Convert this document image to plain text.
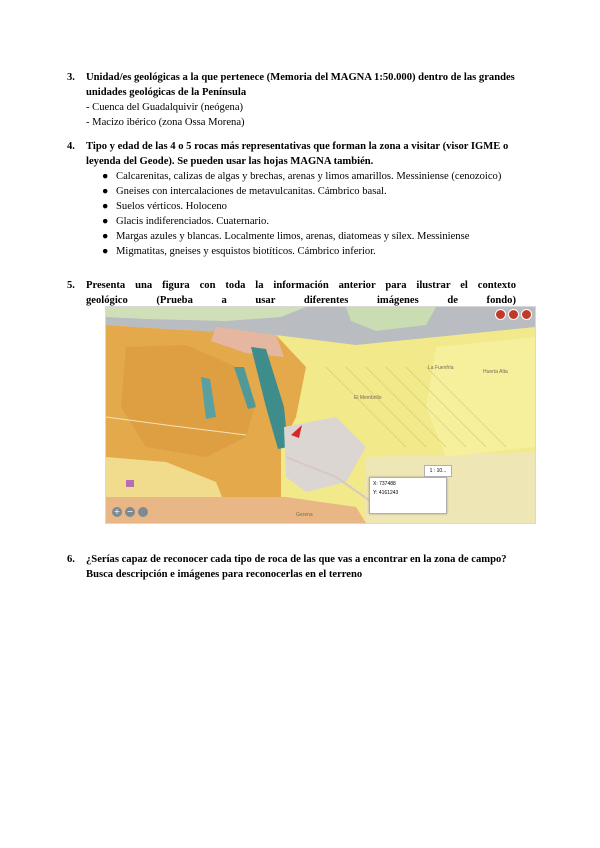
3. Unidad/es geológicas a la que pertenece (Memoria del MAGNA 1:50.000) dentro de las grandes unidades geológicas de la Península
- Cuenca del Guadalquivir (neógena)
- Macizo ibérico (zona Ossa Morena)
4. Tipo y edad de las 4 o 5 rocas más representativas que forman la zona a visitar (visor IGME o leyenda del Geode). Se pueden usar las hojas MAGNA también.
● Calcarenitas, calizas de algas y brechas, arenas y limos amarillos. Messiniense (cenozoico)
● Gneises con intercalaciones de metavulcanitas. Cámbrico basal.
● Suelos vérticos. Holoceno
● Glacis indiferenciados. Cuaternario.
● Margas azules y blancas. Localmente limos, arenas, diatomeas y sílex. Messiniense
● Migmatitas, gneises y esquistos biotíticos. Cámbrico inferior.
5. Presenta una figura con toda la información anterior para ilustrar el contexto
geológico (Prueba a usar diferentes imágenes de fondo)
La Fuenfría
Huerta Alta
El Membrillo
Gerena
+ −
X: 737488
Y: 4161243
1 : 10...
6. ¿Serías capaz de reconocer cada tipo de roca de las que vas a encontrar en la zona de campo? Busca descripción e imágenes para reconocerlas en el terreno
